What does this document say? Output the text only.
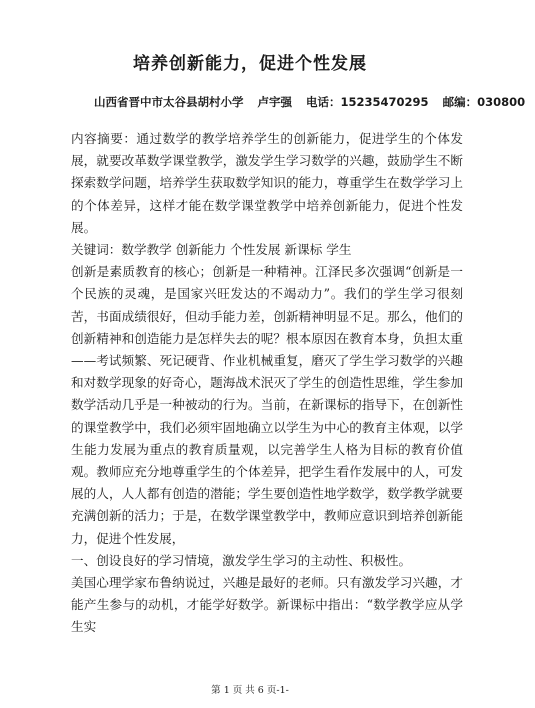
培养创新能力，促进个性发展
山西省晋中市太谷县胡村小学 卢宇强 电话：15235470295 邮编：030800

内容摘要：通过数学的教学培养学生的创新能力，促进学生的个体发展，就要改革数学课堂教学，激发学生学习数学的兴趣，鼓励学生不断探索数学问题，培养学生获取数学知识的能力，尊重学生在数学学习上的个体差异，这样才能在数学课堂教学中培养创新能力，促进个性发展。

关键词：数学教学 创新能力 个性发展 新课标 学生

创新是素质教育的核心；创新是一种精神。江泽民多次强调“创新是一个民族的灵魂，是国家兴旺发达的不竭动力”。我们的学生学习很刻苦，书面成绩很好，但动手能力差，创新精神明显不足。那么，他们的创新精神和创造能力是怎样失去的呢？根本原因在教育本身，负担太重——考试频繁、死记硬背、作业机械重复，磨灭了学生学习数学的兴趣和对数学现象的好奇心，题海战术泯灭了学生的创造性思维，学生参加数学活动几乎是一种被动的行为。当前，在新课标的指导下，在创新性的课堂教学中，我们必须牢固地确立以学生为中心的教育主体观，以学生能力发展为重点的教育质量观，以完善学生人格为目标的教育价值观。教师应充分地尊重学生的个体差异，把学生看作发展中的人，可发展的人，人人都有创造的潜能；学生要创造性地学数学，数学教学就要充满创新的活力；于是，在数学课堂教学中，教师应意识到培养创新能力，促进个性发展，

一、创设良好的学习情境，激发学生学习的主动性、积极性。

美国心理学家布鲁纳说过，兴趣是最好的老师。只有激发学习兴趣，才能产生参与的动机，才能学好数学。新课标中指出：“数学教学应从学生实

第 1 页 共 6 页-1-
